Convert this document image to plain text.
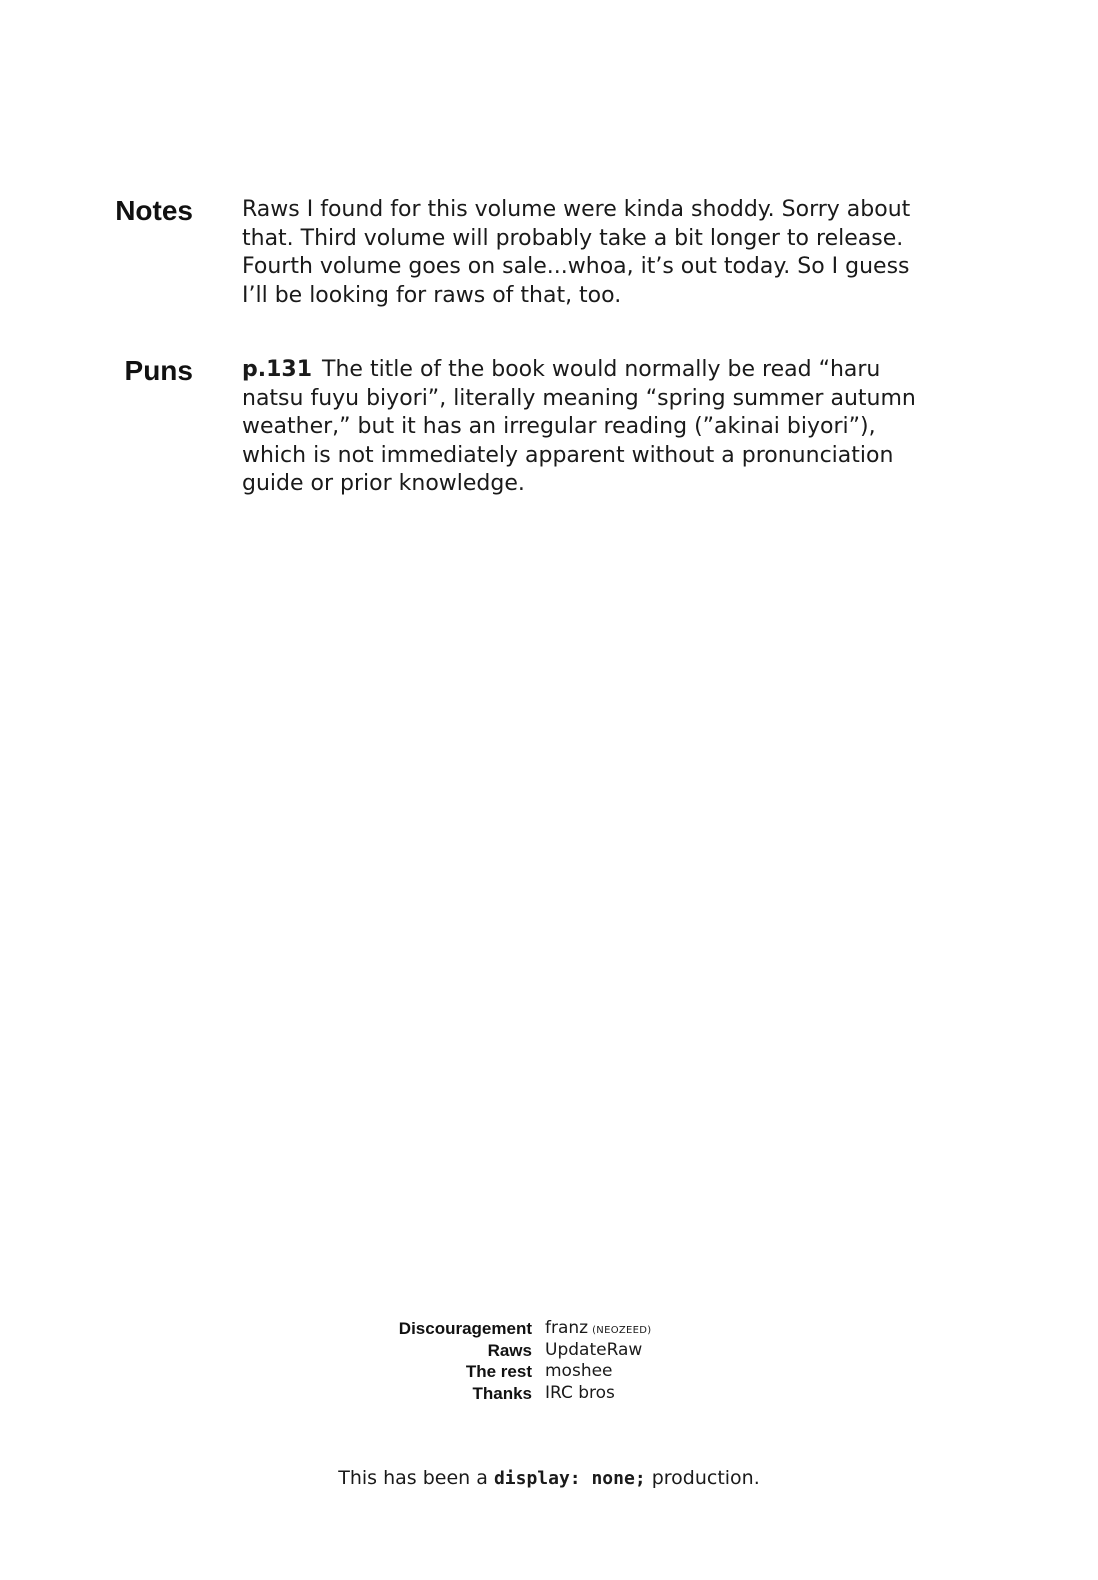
Notes Raws I found for this volume were kinda shoddy. Sorry about
that. Third volume will probably take a bit longer to release.
Fourth volume goes on sale...whoa, it’s out today. So I guess
I’ll be looking for raws of that, too.
Puns p.131 The title of the book would normally be read “haru
natsu fuyu biyori”, literally meaning “spring summer autumn
weather,” but it has an irregular reading (”akinai biyori”),
which is not immediately apparent without a pronunciation
guide or prior knowledge.
Discouragement franz (NEOZEED)
Raws UpdateRaw
The rest moshee
Thanks IRC bros
This has been a display: none; production.
